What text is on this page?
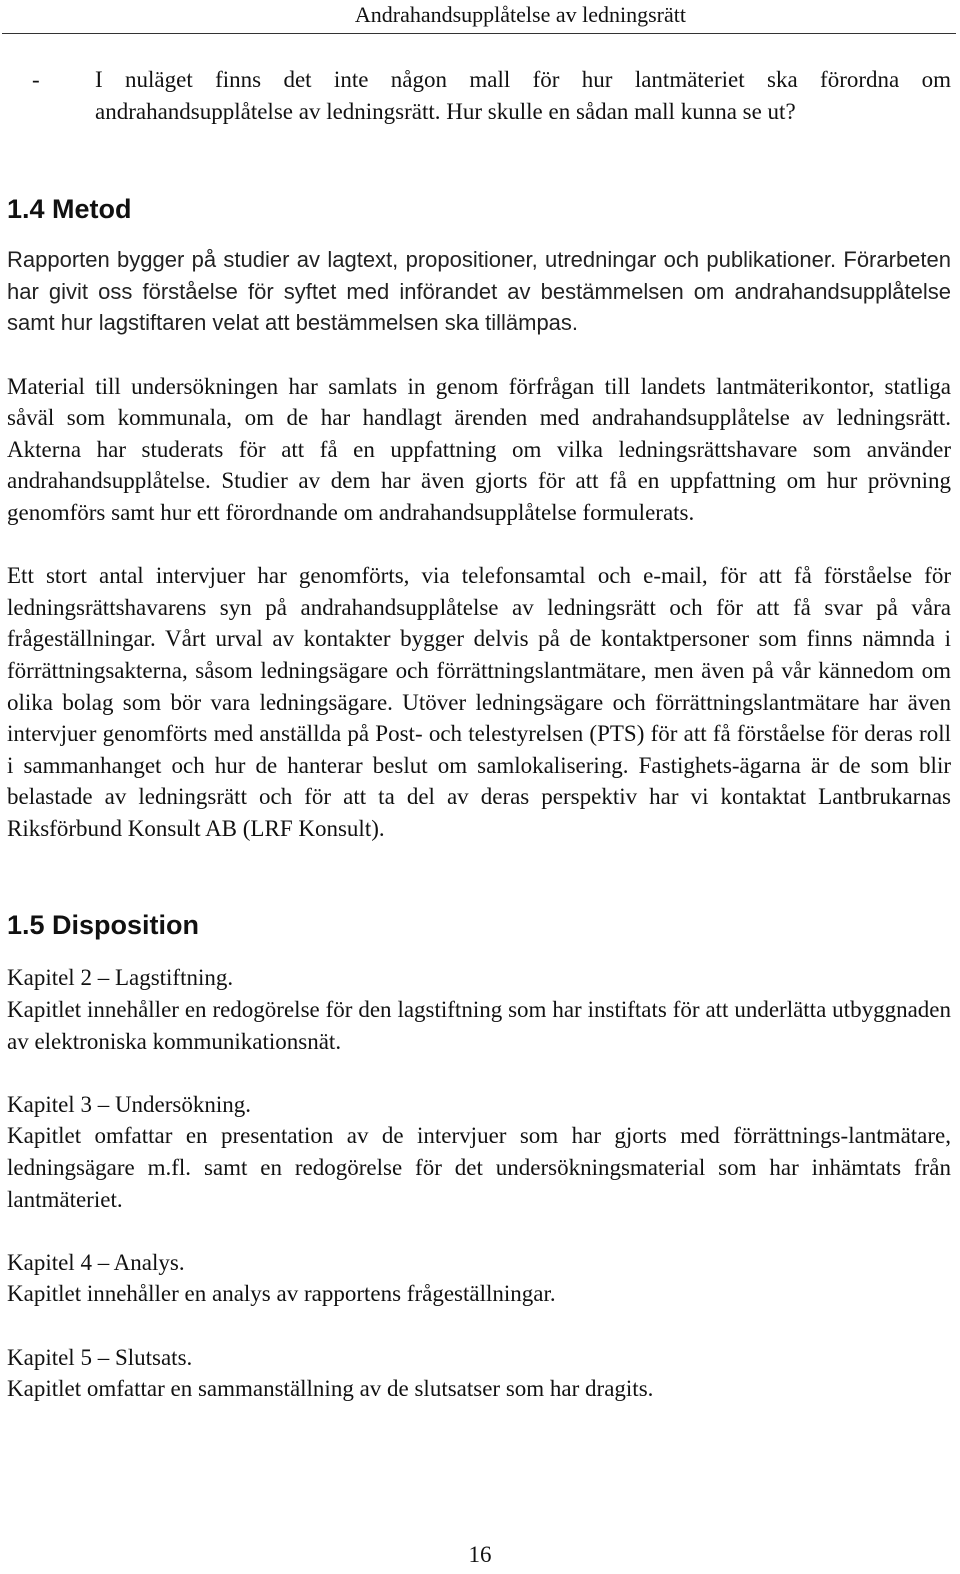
Andrahandsupplåtelse av ledningsrätt
-	I nuläget finns det inte någon mall för hur lantmäteriet ska förordna om andrahandsupplåtelse av ledningsrätt. Hur skulle en sådan mall kunna se ut?
1.4 Metod

Rapporten bygger på studier av lagtext, propositioner, utredningar och publikationer. Förarbeten har givit oss förståelse för syftet med införandet av bestämmelsen om andrahandsupplåtelse samt hur lagstiftaren velat att bestämmelsen ska tillämpas.

Material till undersökningen har samlats in genom förfrågan till landets lantmäterikontor, statliga såväl som kommunala, om de har handlagt ärenden med andrahandsupplåtelse av ledningsrätt. Akterna har studerats för att få en uppfattning om vilka ledningsrättshavare som använder andrahandsupplåtelse. Studier av dem har även gjorts för att få en uppfattning om hur prövning genomförs samt hur ett förordnande om andrahandsupplåtelse formulerats.

Ett stort antal intervjuer har genomförts, via telefonsamtal och e-mail, för att få förståelse för ledningsrättshavarens syn på andrahandsupplåtelse av ledningsrätt och för att få svar på våra frågeställningar. Vårt urval av kontakter bygger delvis på de kontaktpersoner som finns nämnda i förrättningsakterna, såsom ledningsägare och förrättningslantmätare, men även på vår kännedom om olika bolag som bör vara ledningsägare. Utöver ledningsägare och förrättningslantmätare har även intervjuer genomförts med anställda på Post- och telestyrelsen (PTS) för att få förståelse för deras roll i sammanhanget och hur de hanterar beslut om samlokalisering. Fastighets-ägarna är de som blir belastade av ledningsrätt och för att ta del av deras perspektiv har vi kontaktat Lantbrukarnas Riksförbund Konsult AB (LRF Konsult).

1.5 Disposition

Kapitel 2 – Lagstiftning.

Kapitlet innehåller en redogörelse för den lagstiftning som har instiftats för att underlätta utbyggnaden av elektroniska kommunikationsnät.

Kapitel 3 – Undersökning.

Kapitlet omfattar en presentation av de intervjuer som har gjorts med förrättnings-lantmätare, ledningsägare m.fl. samt en redogörelse för det undersökningsmaterial som har inhämtats från lantmäteriet.

Kapitel 4 – Analys.

Kapitlet innehåller en analys av rapportens frågeställningar.

Kapitel 5 – Slutsats.

Kapitlet omfattar en sammanställning av de slutsatser som har dragits.

16
